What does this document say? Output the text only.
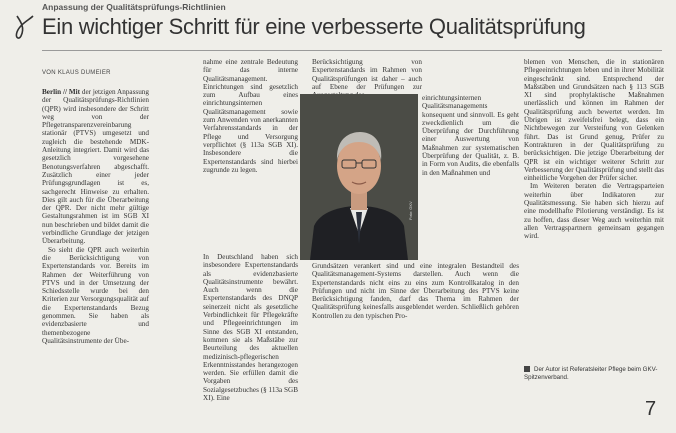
Anpassung der Qualitätsprüfungs-Richtlinien
Ein wichtiger Schritt für eine verbesserte Qualitätsprüfung
VON KLAUS DUMEIER

Berlin // Mit der jetzigen Anpassung der Qualitätsprüfungs-Richtlinien (QPR) wird insbesondere der Schritt weg von der Pflegetransparenzvereinbarung stationär (PTVS) umgesetzt und zugleich die bestehende MDK-Anleitung integriert. Damit wird das gesetzlich vorgesehene Benotungsverfahren abgeschafft. Zusätzlich einer jeder Prüfungsgrundlagen ist es, sachgerecht Hinweise zu erhalten. Dies gilt auch für die Überarbeitung der QPR. Der nicht mehr gültige Gestaltungsrahmen ist im SGB XI nun beschrieben und bildet damit die verbindliche Grundlage der jetzigen Überarbeitung.

So sieht die QPR auch weiterhin die Berücksichtigung von Expertenstandards vor. Bereits im Rahmen der Weiterführung von PTVS und in der Umsetzung der Schiedsstelle wurde bei den Kriterien zur Versorgungsqualität auf die Expertenstandards Bezug genommen. Sie haben als evidenzbasierte und themenbezogene Qualitätsinstrumente der Übe-

nahme eine zentrale Bedeutung für das interne Qualitätsmanagement. Einrichtungen sind gesetzlich zum Aufbau eines einrichtungsinternen Qualitätsmanagement sowie zum Anwenden von anerkannten Verfahrensstandards in der Pflege und Versorgung verpflichtet (§ 113a SGB XI). Insbesondere die Expertenstandards sind hierbei zugrunde zu legen.

In Deutschland haben sich insbesondere Expertenstandards als evidenzbasierte Qualitätsinstrumente bewährt. Auch wenn die Expertenstandards des DNQP seinerzeit nicht als gesetzliche Verbindlichkeit für Pflegekräfte und Pflegeeinrichtungen im Sinne des SGB XI entstanden, kommen sie als Maßstäbe zur Beurteilung des aktuellen medizinisch-pflegerischen Erkenntnisstandes herangezogen werden. Sie erfüllen damit die Vorgaben des Sozialgesetzbuches (§ 113a SGB XI). Eine

Berücksichtigung von Expertenstandards im Rahmen von Qualitätsprüfungen ist daher – auch auf Ebene der Prüfungen zur

Foto: GKV

einrichtungsinternen Qualitätsmanagements konsequent und sinnvoll. Es geht zweckdienlich um die Überprüfung der Durchführung einer Auswertung von Maßnahmen zur systematischen Überprüfung der Qualität, z. B. in Form von Audits, die ebenfalls in den Maßnahmen und

Grundsätzen verankert sind und eine integralen Bestandteil des Qualitätsmanagement-Systems darstellen. Auch wenn die Expertenstandards nicht eins zu eins zum Kontrollkatalog in den Prüfungen und nicht im Sinne der Überarbeitung des PTVS keine Berücksichtigung fanden, darf das Thema im Rahmen der Qualitätsprüfung keinesfalls ausgeblendet werden. Schließlich gehören Kontrollen zu den typischen Pro-

blemen von Menschen, die in stationären Pflegeeinrichtungen leben und in ihrer Mobilität eingeschränkt sind. Entsprechend der Maßstäben und Grundsätzen nach § 113 SGB XI sind prophylaktische Maßnahmen unerlässlich und können im Rahmen der Qualitätsprüfung auch bewertet werden. Im Übrigen ist zweifelsfrei belegt, dass ein Nichtbewegen zur Versteifung von Gelenken führt. Das ist Grund genug, Prüfer zu Kontrakturen in der Qualitätsprüfung zu berücksichtigen. Die jetzige Überarbeitung der QPR ist ein wichtiger weiterer Schritt zur Verbesserung der Qualitätsprüfung und stellt das einheitliche Vorgehen der Prüfer sicher.

Im Weiteren beraten die Vertragsparteien weiterhin über Indikatoren zur Qualitätsmessung. Sie haben sich hierzu auf eine modellhafte Pilotierung verständigt. Es ist zu hoffen, dass dieser Weg auch weiterhin mit allen Vertragspartnern gemeinsam gegangen wird.

Der Autor ist Referatsleiter Pflege beim GKV-Spitzenverband.
7
